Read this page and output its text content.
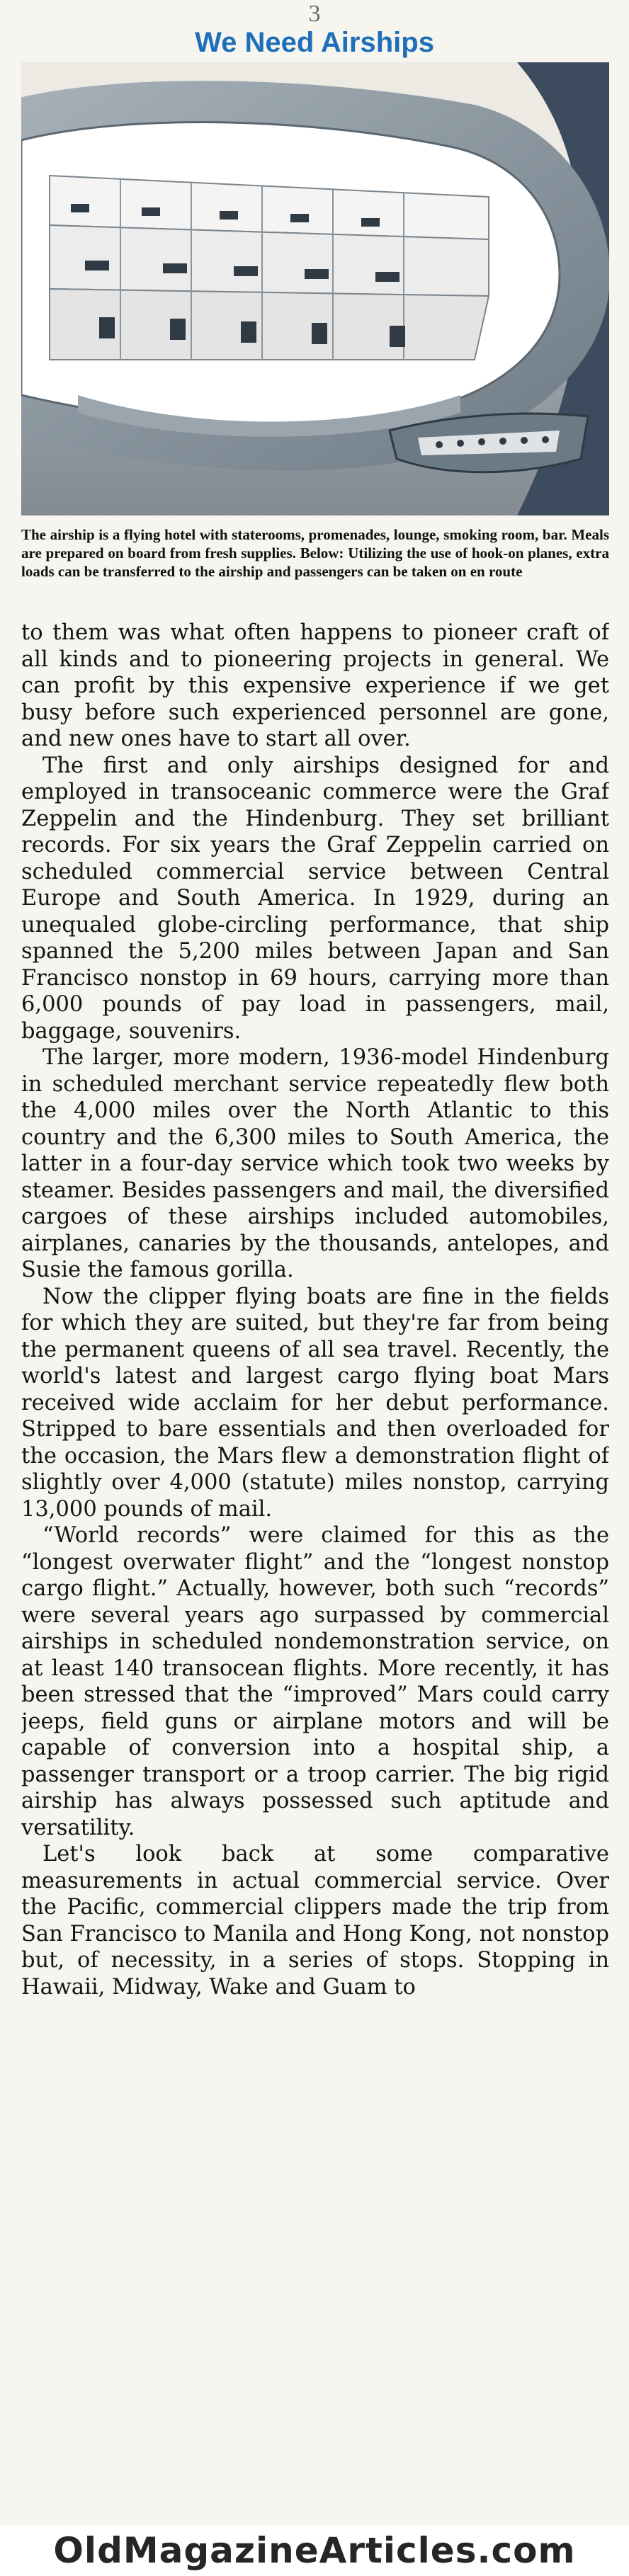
3
We Need Airships
The airship is a flying hotel with staterooms, promenades, lounge, smoking room, bar. Meals are prepared on board from fresh supplies. Below: Utilizing the use of hook-on planes, extra loads can be transferred to the airship and passengers can be taken on en route

to them was what often happens to pioneer craft of all kinds and to pioneering projects in general. We can profit by this expensive experience if we get busy before such experienced personnel are gone, and new ones have to start all over.

The first and only airships designed for and employed in transoceanic commerce were the Graf Zeppelin and the Hindenburg. They set brilliant records. For six years the Graf Zeppelin carried on scheduled commercial service between Central Europe and South America. In 1929, during an unequaled globe-circling performance, that ship spanned the 5,200 miles between Japan and San Francisco nonstop in 69 hours, carrying more than 6,000 pounds of pay load in passengers, mail, baggage, souvenirs.

The larger, more modern, 1936-model Hindenburg in scheduled merchant service repeatedly flew both the 4,000 miles over the North Atlantic to this country and the 6,300 miles to South America, the latter in a four-day service which took two weeks by steamer. Besides passengers and mail, the diversified cargoes of these airships included automobiles, airplanes, canaries by the thousands, antelopes, and Susie the famous gorilla.

Now the clipper flying boats are fine in the fields for which they are suited, but they're far from being the permanent queens of all sea travel. Recently, the world's latest and largest cargo flying boat Mars received wide acclaim for her debut performance. Stripped to bare essentials and then overloaded for the occasion, the Mars flew a demonstration flight of slightly over 4,000 (statute) miles nonstop, carrying 13,000 pounds of mail.

“World records” were claimed for this as the “longest overwater flight” and the “longest nonstop cargo flight.” Actually, however, both such “records” were several years ago surpassed by commercial airships in scheduled nondemonstration service, on at least 140 transocean flights. More recently, it has been stressed that the “improved” Mars could carry jeeps, field guns or airplane motors and will be capable of conversion into a hospital ship, a passenger transport or a troop carrier. The big rigid airship has always possessed such aptitude and versatility.

Let's look back at some comparative measurements in actual commercial service. Over the Pacific, commercial clippers made the trip from San Francisco to Manila and Hong Kong, not nonstop but, of necessity, in a series of stops. Stopping in Hawaii, Midway, Wake and Guam to

OldMagazineArticles.com
